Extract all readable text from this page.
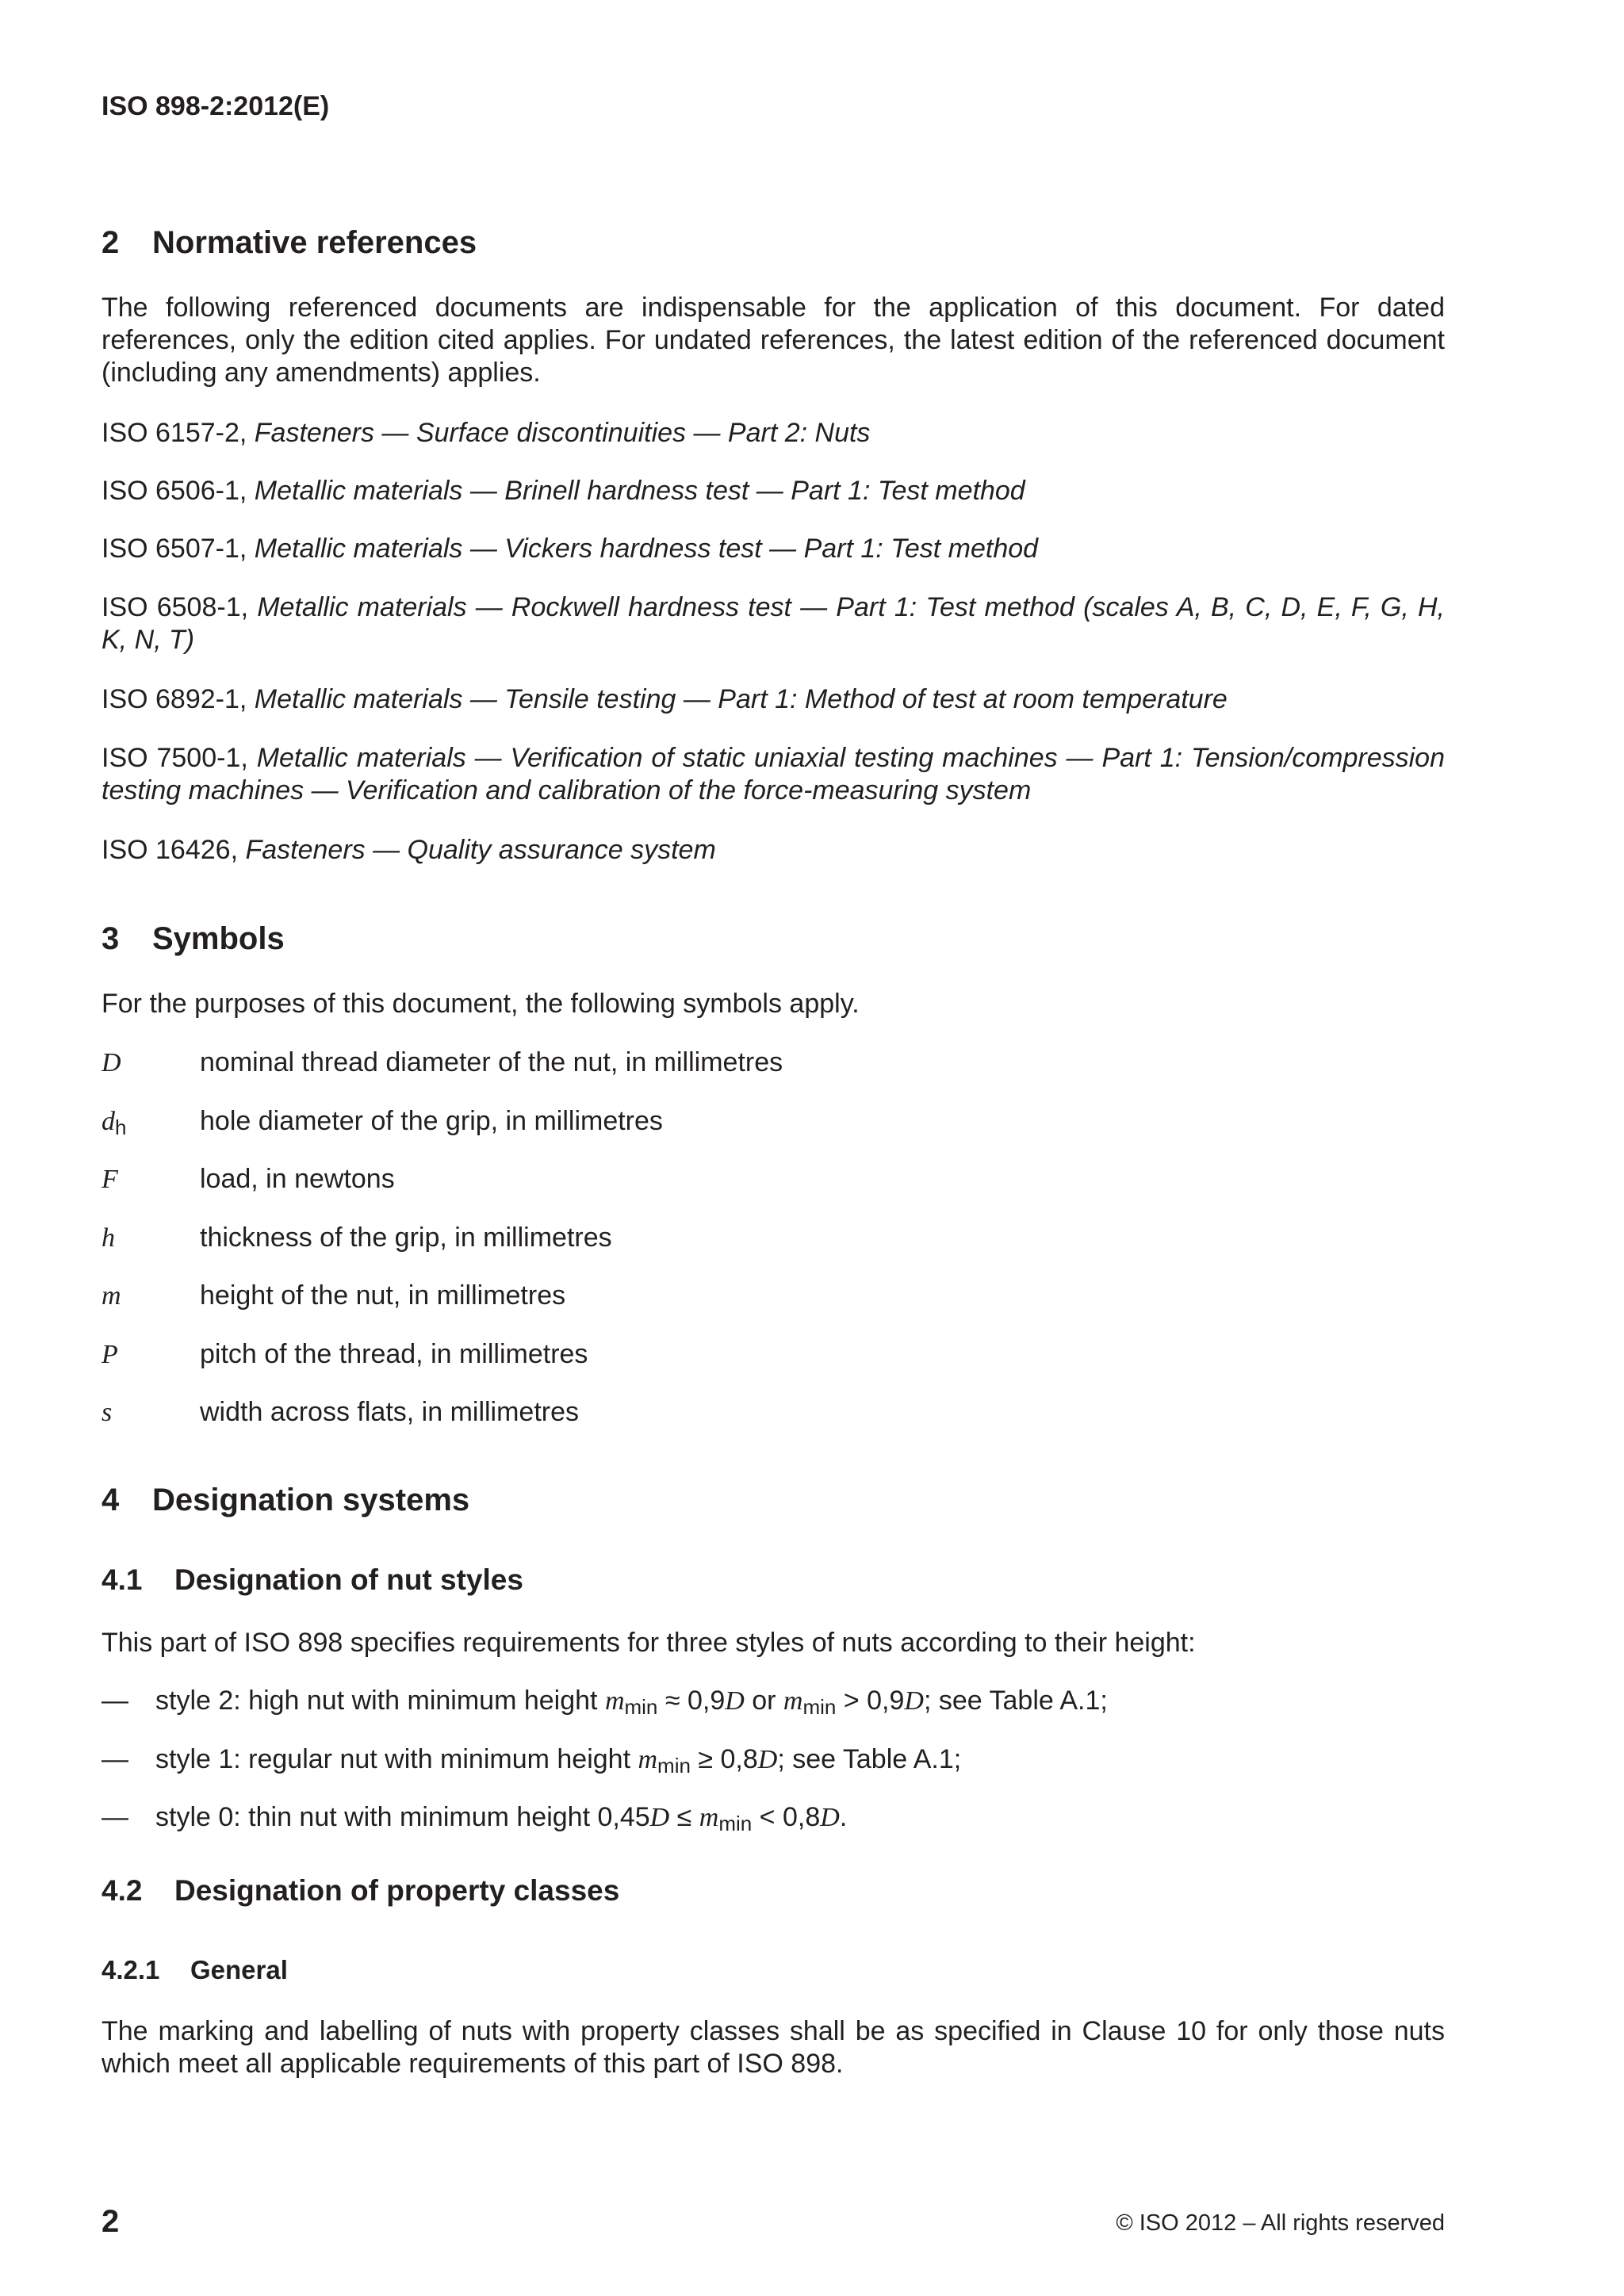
ISO 898-2:2012(E)
2 Normative references
The following referenced documents are indispensable for the application of this document. For dated references, only the edition cited applies. For undated references, the latest edition of the referenced document (including any amendments) applies.
ISO 6157-2, Fasteners — Surface discontinuities — Part 2: Nuts
ISO 6506-1, Metallic materials — Brinell hardness test — Part 1: Test method
ISO 6507-1, Metallic materials — Vickers hardness test — Part 1: Test method
ISO 6508-1, Metallic materials — Rockwell hardness test — Part 1: Test method (scales A, B, C, D, E, F, G, H, K, N, T)
ISO 6892-1, Metallic materials — Tensile testing — Part 1: Method of test at room temperature
ISO 7500-1, Metallic materials — Verification of static uniaxial testing machines — Part 1: Tension/compression testing machines — Verification and calibration of the force-measuring system
ISO 16426, Fasteners — Quality assurance system
3 Symbols
For the purposes of this document, the following symbols apply.
D	nominal thread diameter of the nut, in millimetres
$d_h$	hole diameter of the grip, in millimetres
F	load, in newtons
h	thickness of the grip, in millimetres
m	height of the nut, in millimetres
P	pitch of the thread, in millimetres
s	width across flats, in millimetres
4 Designation systems
4.1 Designation of nut styles
This part of ISO 898 specifies requirements for three styles of nuts according to their height:
— style 2: high nut with minimum height $m_{min} \approx 0,9D$ or $m_{min} > 0,9D$; see Table A.1;
— style 1: regular nut with minimum height $m_{min} \ge 0,8D$; see Table A.1;
— style 0: thin nut with minimum height $0,45D \le m_{min} < 0,8D$.
4.2 Designation of property classes
4.2.1 General
The marking and labelling of nuts with property classes shall be as specified in Clause 10 for only those nuts which meet all applicable requirements of this part of ISO 898.
2	© ISO 2012 – All rights reserved
